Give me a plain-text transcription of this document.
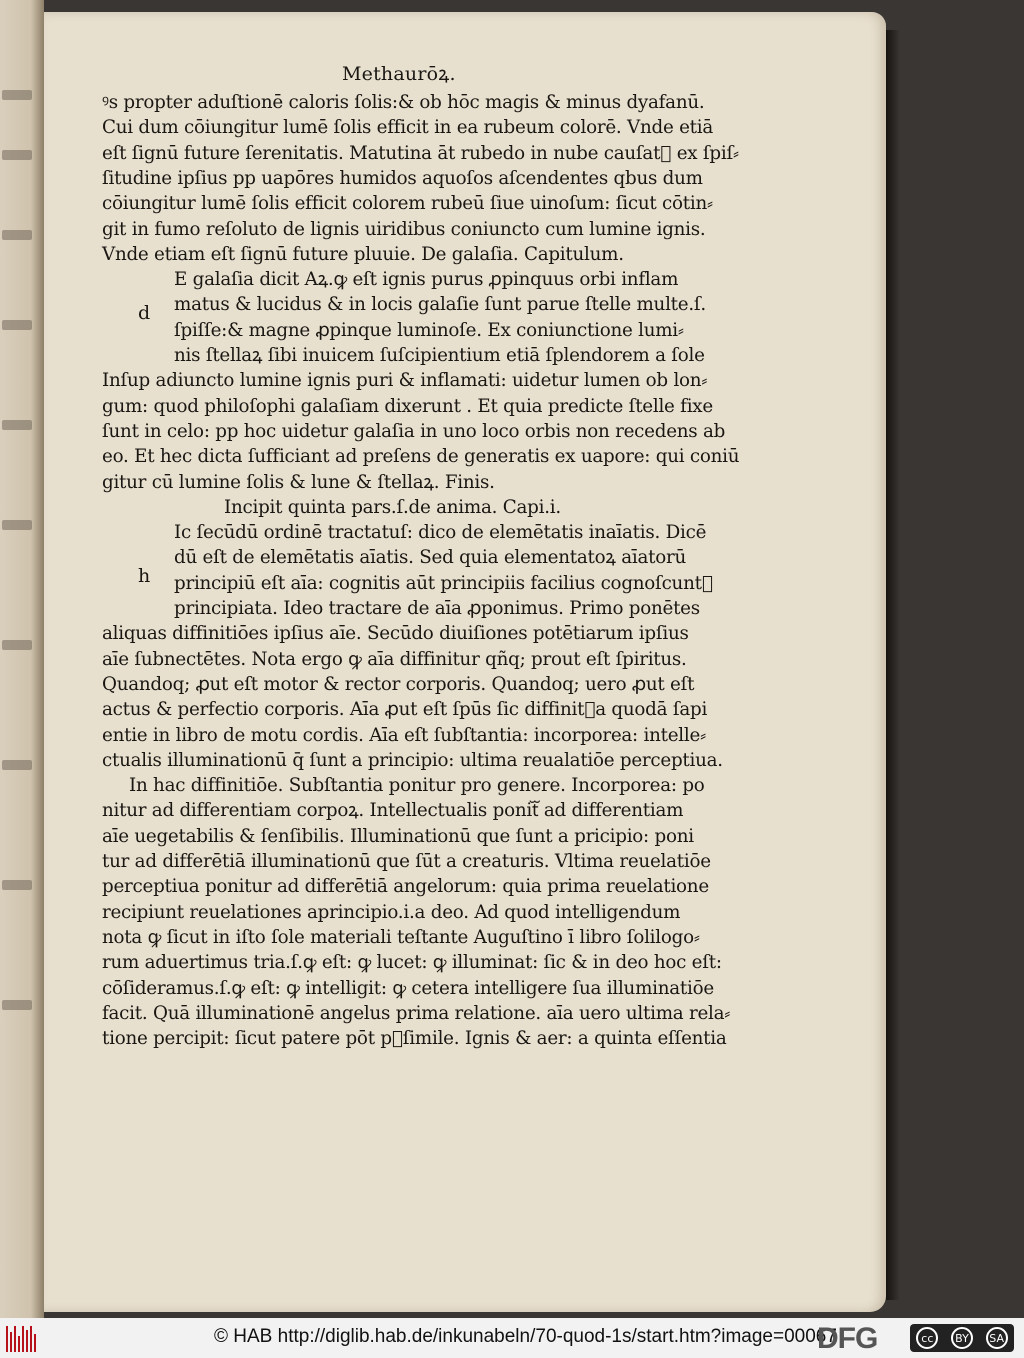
Methaurōꝝ.
ꝰs propter aduſtionē caloris ſolis:& ob hōc magis & minus dyafanū.
Cui dum cōiungitur lumē ſolis efficit in ea rubeum colorē. Vnde etiā
eſt ſignū future ſerenitatis. Matutina āt rubedo in nube cauſatᷓ ex ſpiſ⸗
ſitudine ipſius pp uapōres humidos aquoſos aſcendentes qbus dum
cōiungitur lumē ſolis efficit colorem rubeū ſiue uinoſum: ſicut cōtin⸗
git in fumo reſoluto de lignis uiridibus coniuncto cum lumine ignis.
Vnde etiam eſt ſignū future pluuie. De galaſia. Capitulum.
E galaſia dicit Aꝝ.ꝙ eſt ignis purus ꝓpinquus orbi inflam
matus & lucidus & in locis galaſie ſunt parue ſtelle multe.ſ.
ſpiſſe:& magne ꝓpinque luminoſe. Ex coniunctione lumi⸗
nis ſtellaꝝ ſibi inuicem ſuſcipientium etiā ſplendorem a ſole
Inſup adiuncto lumine ignis puri & inflamati: uidetur lumen ob lon⸗
gum: quod philoſophi galaſiam dixerunt . Et quia predicte ſtelle fixe
ſunt in celo: pp hoc uidetur galaſia in uno loco orbis non recedens ab
eo. Et hec dicta ſufficiant ad preſens de generatis ex uapore: qui coniū
gitur cū lumine ſolis & lune & ſtellaꝝ. Finis.
Incipit quinta pars.ſ.de anima. Capi.i.
Ic ſecūdū ordinē tractatuſ: dico de elemētatis inaīatis. Dicē
dū eſt de elemētatis aīatis. Sed quia elementatoꝝ aīatorū
principiū eſt aīa: cognitis aūt principiis facilius cognoſcuntᷓ
principiata. Ideo tractare de aīa ꝓponimus. Primo ponētes
aliquas diffinitiōes ipſius aīe. Secūdo diuiſiones potētiarum ipſius
aīe ſubnectētes. Nota ergo ꝙ aīa diffinitur qñq; prout eſt ſpiritus.
Quandoq; ꝓut eſt motor & rector corporis. Quandoq; uero ꝓut eſt
actus & perfectio corporis. Aīa ꝓut eſt ſpūs ſic diffinitᷓa quodā ſapi
entie in libro de motu cordis. Aīa eſt ſubſtantia: incorporea: intelle⸗
ctualis illuminationū q̄ ſunt a principio: ultima reualatiōe perceptiua.
In hac diffinitiōe. Subſtantia ponitur pro genere. Incorporea: po
nitur ad differentiam corpoꝝ. Intellectualis ponitᷓ ad differentiam
aīe uegetabilis & ſenſibilis. Illuminationū que ſunt a pricipio: poni
tur ad differētiā illuminationū que ſūt a creaturis. Vltima reuelatiōe
perceptiua ponitur ad differētiā angelorum: quia prima reuelatione
recipiunt reuelationes aprincipio.i.a deo. Ad quod intelligendum
nota ꝙ ſicut in iſto ſole materiali teſtante Auguſtino ī libro ſolilogo⸗
rum aduertimus tria.ſ.ꝙ eſt: ꝙ lucet: ꝙ illuminat: ſic & in deo hoc eſt:
cōſideramus.ſ.ꝙ eſt: ꝙ intelligit: ꝙ cetera intelligere ſua illuminatiōe
facit. Quā illuminationē angelus prima relatione. aīa uero ultima rela⸗
tione percipit: ſicut patere pōt pᷓſimile. Ignis & aer: a quinta eſſentia
d
h
© HAB http://diglib.hab.de/inkunabeln/70-quod-1s/start.htm?image=00067
DFG	cc	BY	SA
